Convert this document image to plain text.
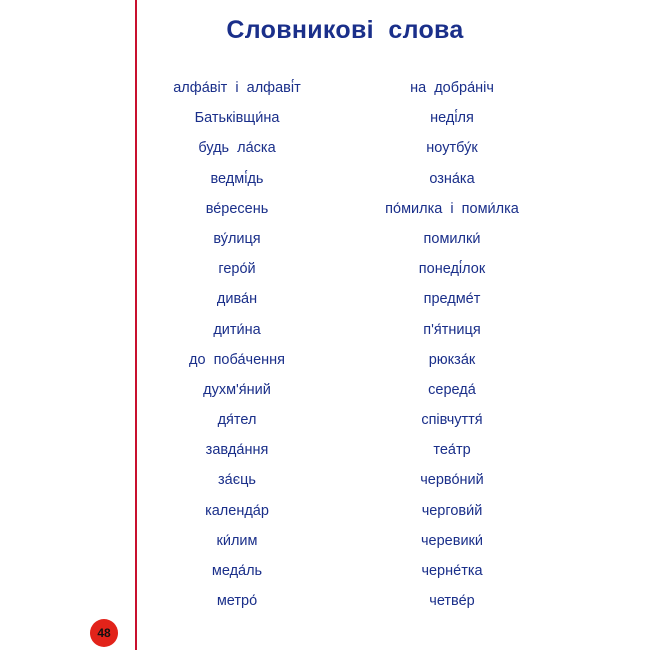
Словникові  слова
алфа́віт  і  алфаві́т
Батьківщи́на
будь  ла́ска
ведмі́дь
ве́ресень
ву́лиця
геро́й
дива́н
дити́на
до  поба́чення
духм'я́ний
дя́тел
завда́ння
за́єць
календа́р
ки́лим
меда́ль
метро́
на  добра́ніч
неді́ля
ноутбу́к
озна́ка
по́милка  і  поми́лка
помилки́
понеді́лок
предме́т
п'я́тниця
рюкза́к
середа́
співчуття́
теа́тр
черво́ний
чергови́й
черевики́
черне́тка
четве́р
48
